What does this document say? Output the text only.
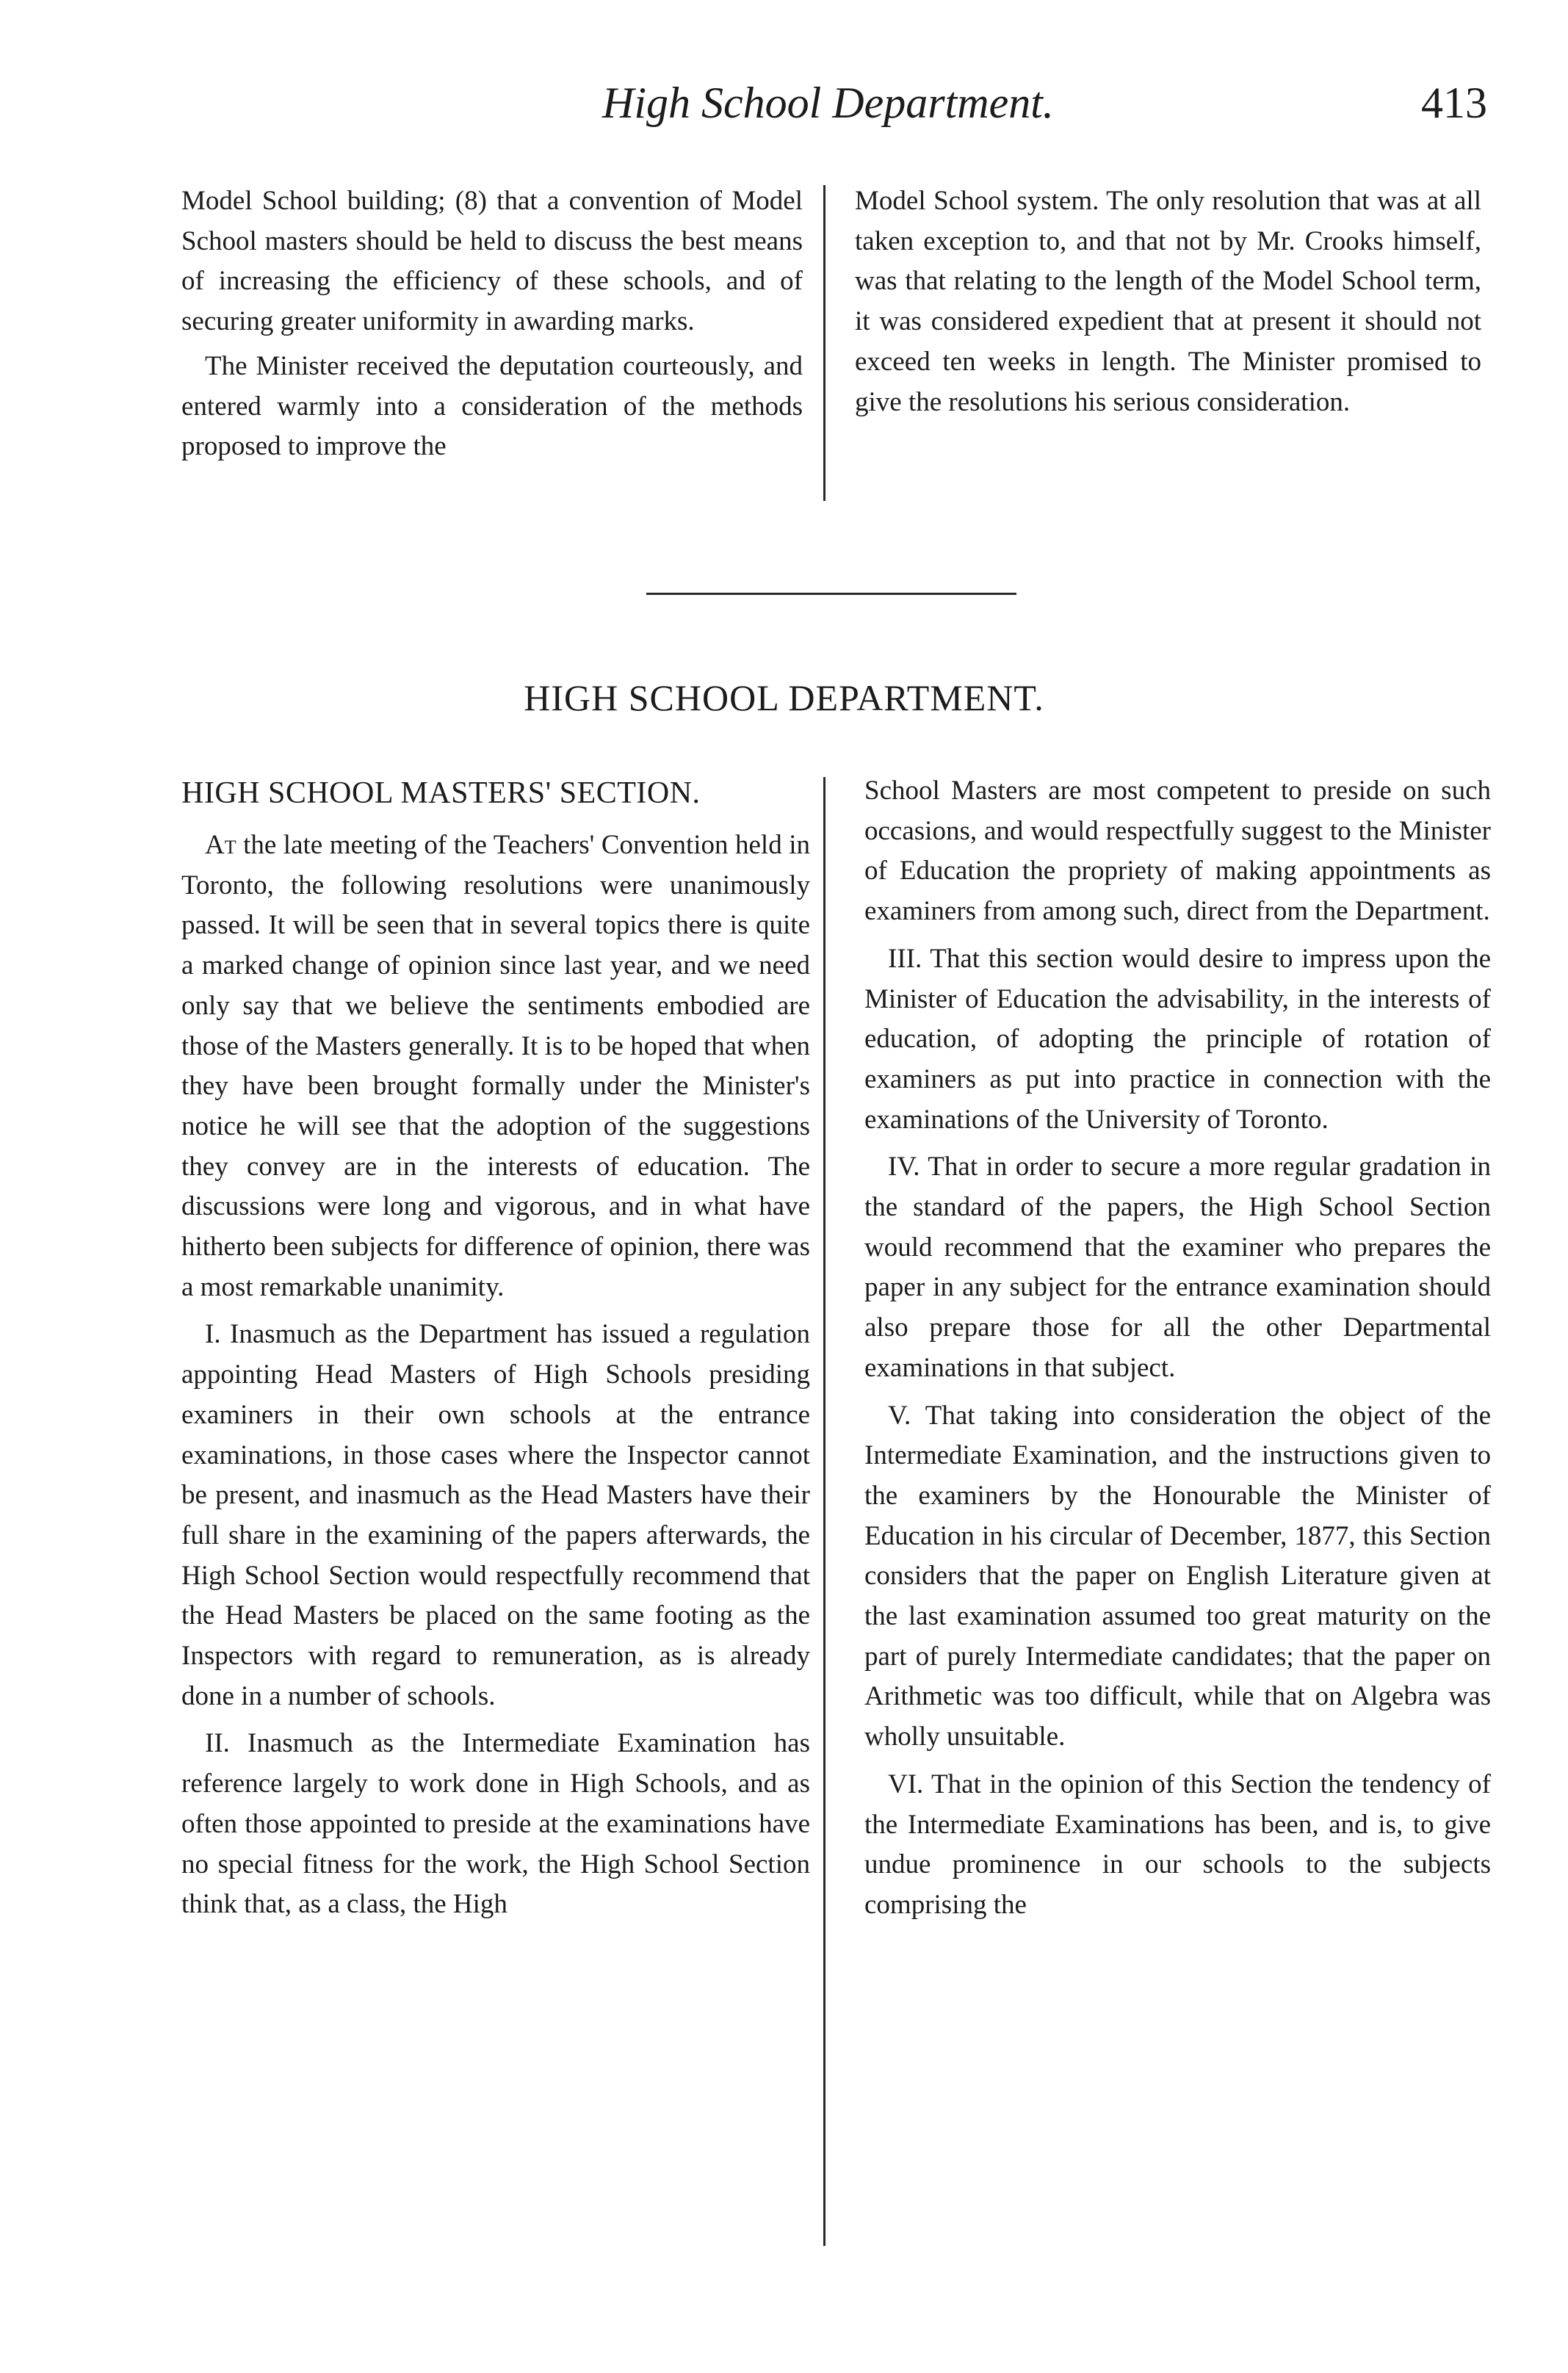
High School Department.	413

Model School building; (8) that a convention of Model School masters should be held to discuss the best means of increasing the efficiency of these schools, and of securing greater uniformity in awarding marks.

The Minister received the deputation courteously, and entered warmly into a consideration of the methods proposed to improve the

Model School system. The only resolution that was at all taken exception to, and that not by Mr. Crooks himself, was that relating to the length of the Model School term, it was considered expedient that at present it should not exceed ten weeks in length. The Minister promised to give the resolutions his serious consideration.

HIGH SCHOOL DEPARTMENT.
HIGH SCHOOL MASTERS' SECTION.

At the late meeting of the Teachers' Convention held in Toronto, the following resolutions were unanimously passed. It will be seen that in several topics there is quite a marked change of opinion since last year, and we need only say that we believe the sentiments embodied are those of the Masters generally. It is to be hoped that when they have been brought formally under the Minister's notice he will see that the adoption of the suggestions they convey are in the interests of education. The discussions were long and vigorous, and in what have hitherto been subjects for difference of opinion, there was a most remarkable unanimity.

I. Inasmuch as the Department has issued a regulation appointing Head Masters of High Schools presiding examiners in their own schools at the entrance examinations, in those cases where the Inspector cannot be present, and inasmuch as the Head Masters have their full share in the examining of the papers afterwards, the High School Section would respectfully recommend that the Head Masters be placed on the same footing as the Inspectors with regard to remuneration, as is already done in a number of schools.

II. Inasmuch as the Intermediate Examination has reference largely to work done in High Schools, and as often those appointed to preside at the examinations have no special fitness for the work, the High School Section think that, as a class, the High

School Masters are most competent to preside on such occasions, and would respectfully suggest to the Minister of Education the propriety of making appointments as examiners from among such, direct from the Department.

III. That this section would desire to impress upon the Minister of Education the advisability, in the interests of education, of adopting the principle of rotation of examiners as put into practice in connection with the examinations of the University of Toronto.

IV. That in order to secure a more regular gradation in the standard of the papers, the High School Section would recommend that the examiner who prepares the paper in any subject for the entrance examination should also prepare those for all the other Departmental examinations in that subject.

V. That taking into consideration the object of the Intermediate Examination, and the instructions given to the examiners by the Honourable the Minister of Education in his circular of December, 1877, this Section considers that the paper on English Literature given at the last examination assumed too great maturity on the part of purely Intermediate candidates; that the paper on Arithmetic was too difficult, while that on Algebra was wholly unsuitable.

VI. That in the opinion of this Section the tendency of the Intermediate Examinations has been, and is, to give undue prominence in our schools to the subjects comprising the
